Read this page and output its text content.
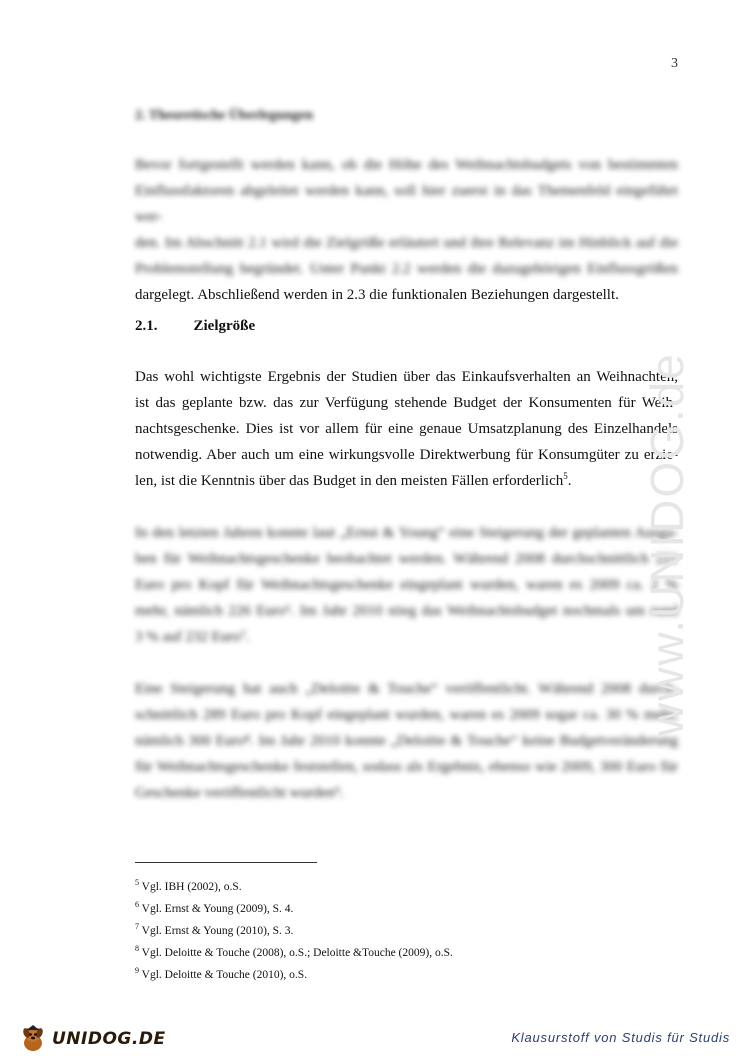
3
2. Theoretische Überlegungen
Bevor fortgestellt werden kann, ob die Höhe des Weihnachtsbudgets von bestimmten
Einflussfaktoren abgeleitet werden kann, soll hier zuerst in das Themenfeld eingeführt wer-
den. Im Abschnitt 2.1 wird die Zielgröße erläutert und ihre Relevanz im Hinblick auf die
Problemstellung begründet. Unter Punkt 2.2 werden die dazugehörigen Einflussgrößen
dargelegt. Abschließend werden in 2.3 die funktionalen Beziehungen dargestellt.
2.1. Zielgröße
Das wohl wichtigste Ergebnis der Studien über das Einkaufsverhalten an Weihnachten,
ist das geplante bzw. das zur Verfügung stehende Budget der Konsumenten für Weih-
nachtsgeschenke. Dies ist vor allem für eine genaue Umsatzplanung des Einzelhandels
notwendig. Aber auch um eine wirkungsvolle Direktwerbung für Konsumgüter zu erzie-
len, ist die Kenntnis über das Budget in den meisten Fällen erforderlich$^5$.
In den letzten Jahren konnte laut „Ernst & Young“ eine Steigerung der geplanten Ausga-
ben für Weihnachtsgeschenke beobachtet werden. Während 2008 durchschnittlich 221
Euro pro Kopf für Weihnachtsgeschenke eingeplant wurden, waren es 2009 ca. 2 %
mehr, nämlich 226 Euro⁶. Im Jahr 2010 stieg das Weihnachtsbudget nochmals um rund
3 % auf 232 Euro⁷.
Eine Steigerung hat auch „Deloitte & Touche“ veröffentlicht. Während 2008 durch-
schnittlich 289 Euro pro Kopf eingeplant wurden, waren es 2009 sogar ca. 30 % mehr,
nämlich 300 Euro⁸. Im Jahr 2010 konnte „Deloitte & Touche“ keine Budgetveränderung
für Weihnachtsgeschenke feststellen, sodass als Ergebnis, ebenso wie 2009, 300 Euro für
Geschenke veröffentlicht wurden⁹.
$^5$ Vgl. IBH (2002), o.S.
$^6$ Vgl. Ernst & Young (2009), S. 4.
$^7$ Vgl. Ernst & Young (2010), S. 3.
$^8$ Vgl. Deloitte & Touche (2008), o.S.; Deloitte &Touche (2009), o.S.
$^9$ Vgl. Deloitte & Touche (2010), o.S.
www.UNIDOG.de
UNIDOG.DE	Klausurstoff von Studis für Studis
